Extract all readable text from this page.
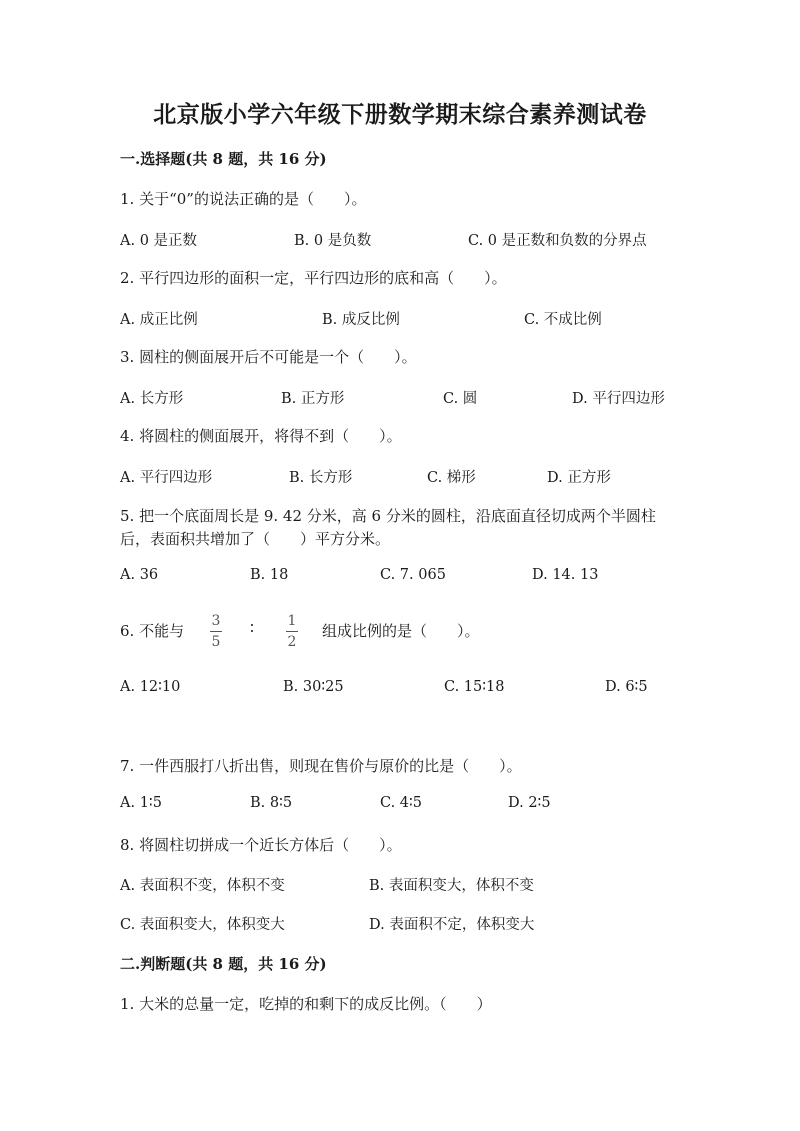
北京版小学六年级下册数学期末综合素养测试卷
一.选择题(共 8 题，共 16 分)
1. 关于“0”的说法正确的是（　　）。
A. 0 是正数	B. 0 是负数	C. 0 是正数和负数的分界点
2. 平行四边形的面积一定，平行四边形的底和高（　　）。
A. 成正比例	B. 成反比例	C. 不成比例
3. 圆柱的侧面展开后不可能是一个（　　）。
A. 长方形	B. 正方形	C. 圆	D. 平行四边形
4. 将圆柱的侧面展开，将得不到（　　）。
A. 平行四边形	B. 长方形	C. 梯形	D. 正方形
5. 把一个底面周长是 9. 42 分米，高 6 分米的圆柱，沿底面直径切成两个半圆柱
后，表面积共增加了（　　）平方分米。
A. 36	B. 18	C. 7. 065	D. 14. 13
6. 不能与
3
5
∶ 1
2
组成比例的是（　　）。
A. 12∶10	B. 30∶25	C. 15∶18	D. 6∶5
7. 一件西服打八折出售，则现在售价与原价的比是（　　）。
A. 1∶5	B. 8∶5	C. 4∶5	D. 2∶5
8. 将圆柱切拼成一个近长方体后（　　）。
A. 表面积不变，体积不变	B. 表面积变大，体积不变
C. 表面积变大，体积变大	D. 表面积不定，体积变大
二.判断题(共 8 题，共 16 分)
1. 大米的总量一定，吃掉的和剩下的成反比例。（　　）
